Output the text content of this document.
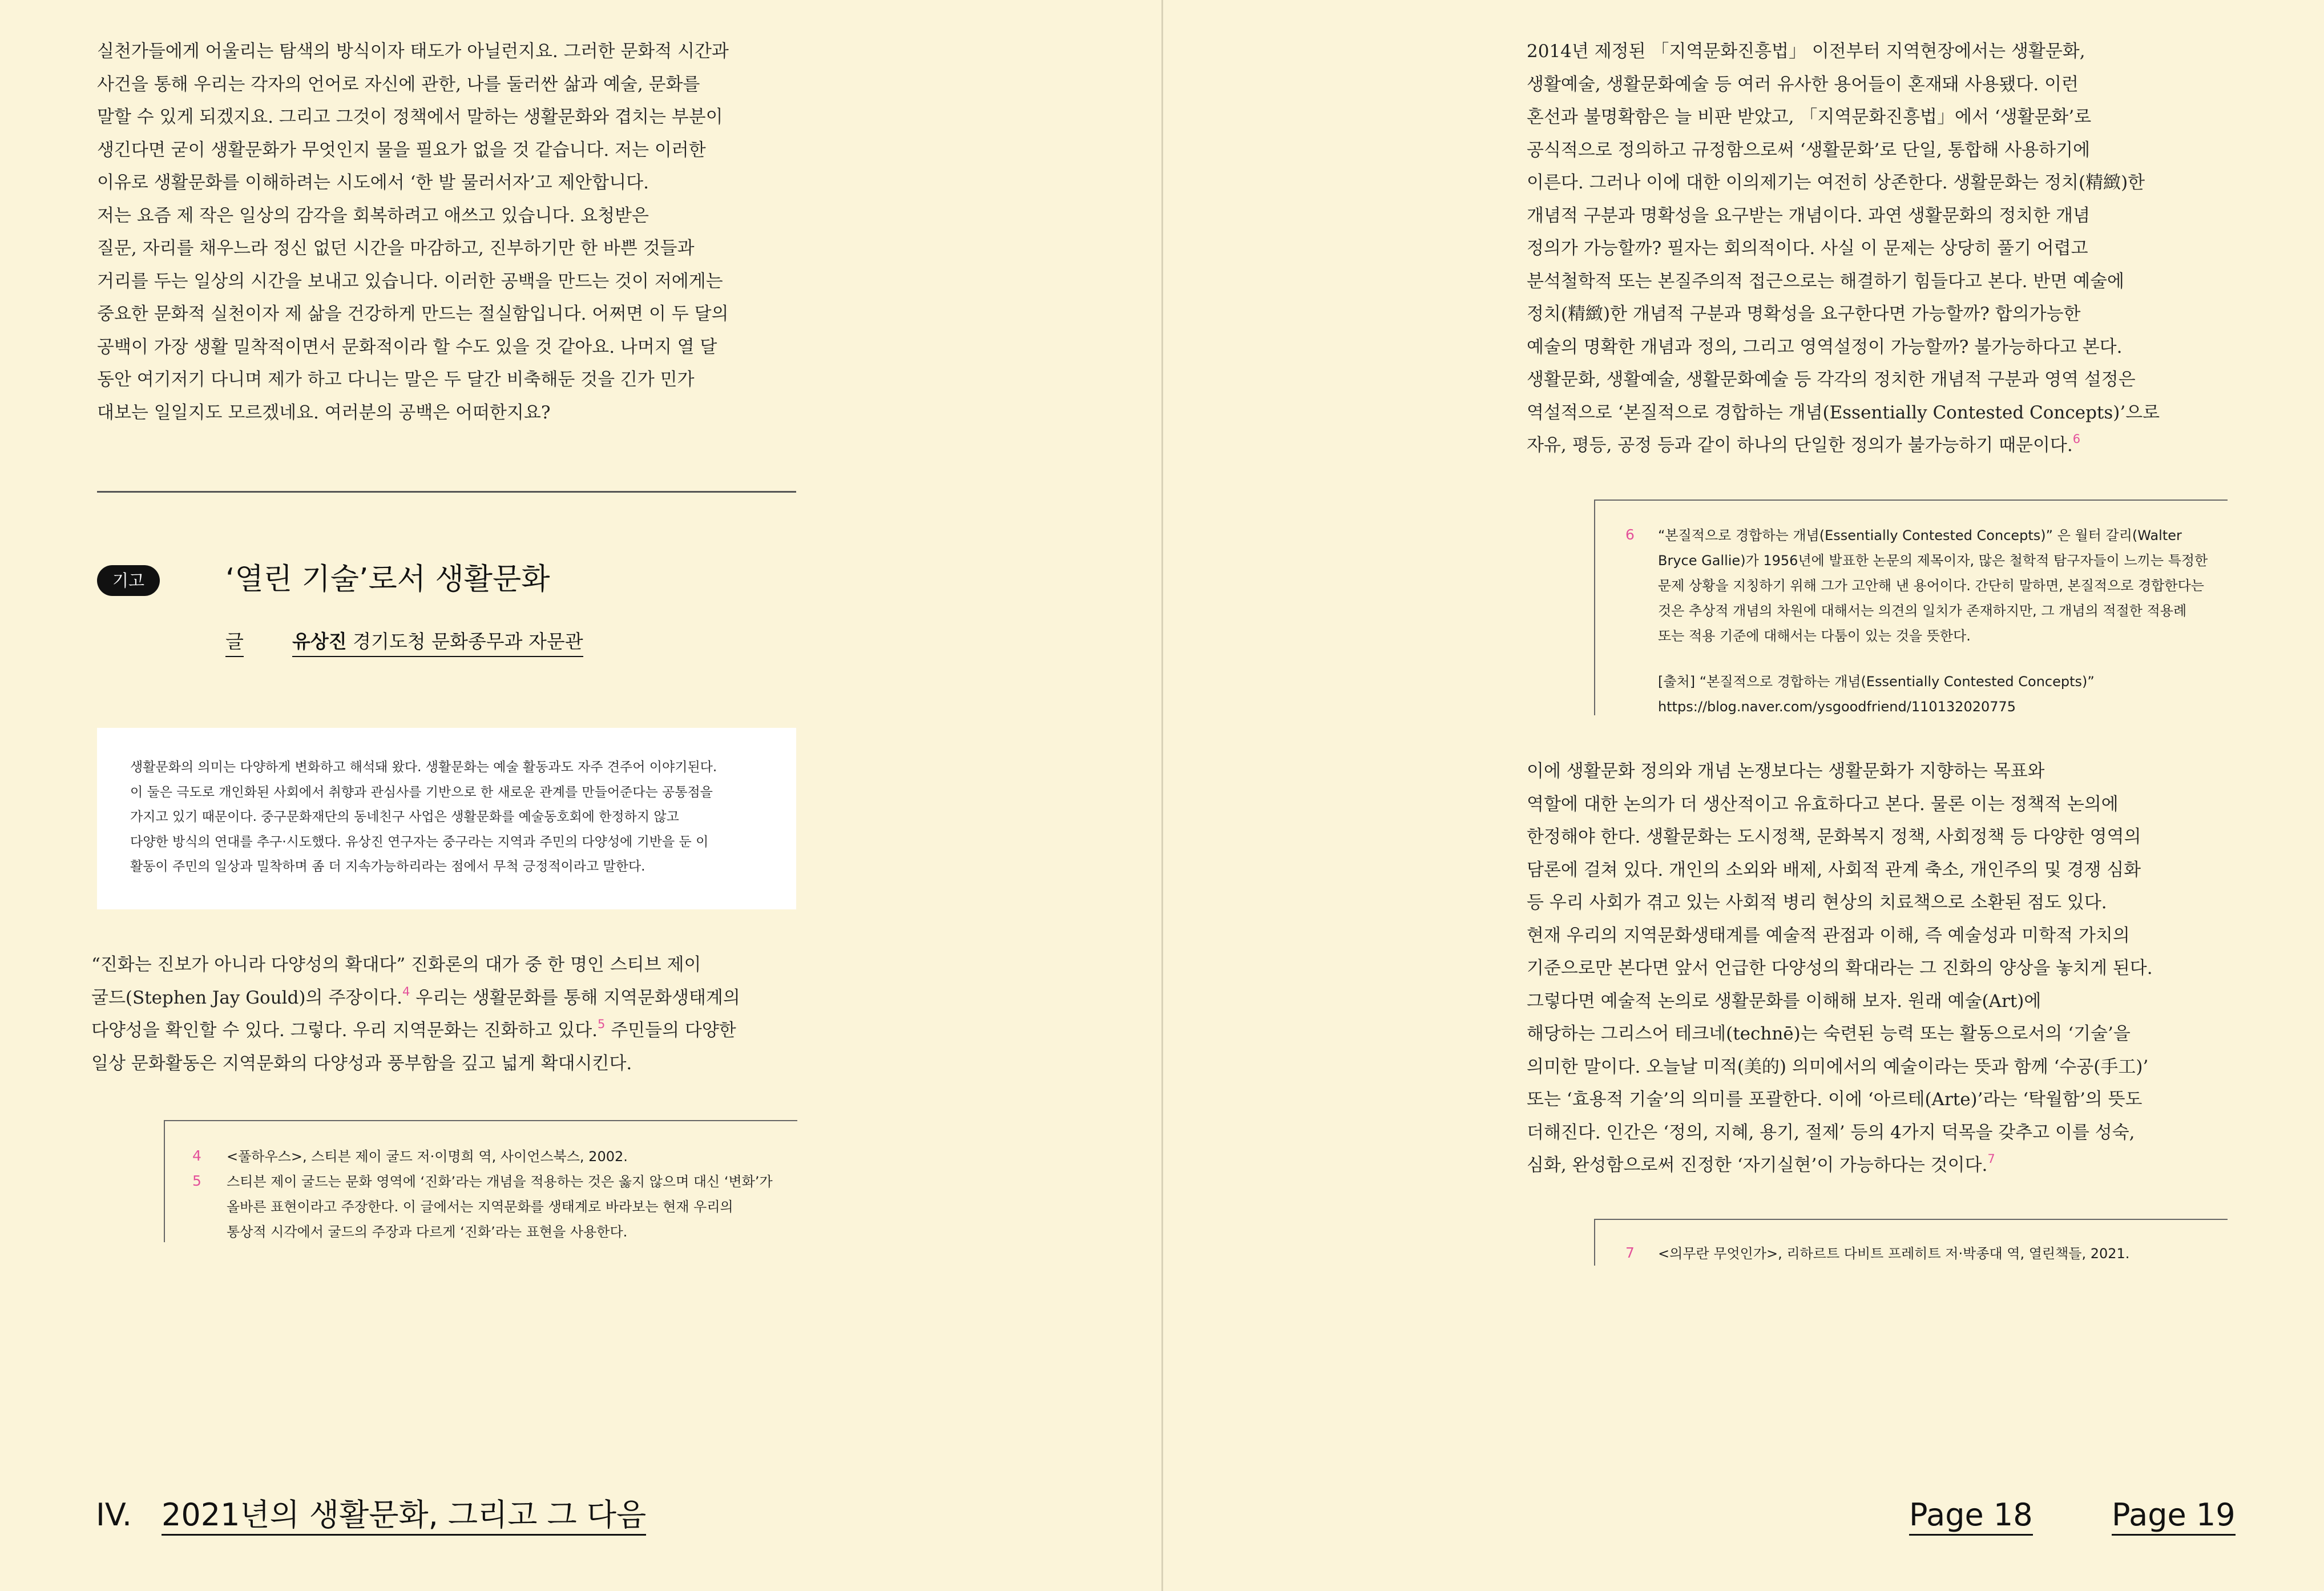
실천가들에게 어울리는 탐색의 방식이자 태도가 아닐런지요. 그러한 문화적 시간과
사건을 통해 우리는 각자의 언어로 자신에 관한, 나를 둘러싼 삶과 예술, 문화를
말할 수 있게 되겠지요. 그리고 그것이 정책에서 말하는 생활문화와 겹치는 부분이
생긴다면 굳이 생활문화가 무엇인지 물을 필요가 없을 것 같습니다. 저는 이러한
이유로 생활문화를 이해하려는 시도에서 ‘한 발 물러서자’고 제안합니다.
저는 요즘 제 작은 일상의 감각을 회복하려고 애쓰고 있습니다. 요청받은
질문, 자리를 채우느라 정신 없던 시간을 마감하고, 진부하기만 한 바쁜 것들과
거리를 두는 일상의 시간을 보내고 있습니다. 이러한 공백을 만드는 것이 저에게는
중요한 문화적 실천이자 제 삶을 건강하게 만드는 절실함입니다. 어쩌면 이 두 달의
공백이 가장 생활 밀착적이면서 문화적이라 할 수도 있을 것 같아요. 나머지 열 달
동안 여기저기 다니며 제가 하고 다니는 말은 두 달간 비축해둔 것을 긴가 민가
대보는 일일지도 모르겠네요. 여러분의 공백은 어떠한지요?
기고	‘열린 기술’로서 생활문화
글	유상진 경기도청 문화종무과 자문관
생활문화의 의미는 다양하게 변화하고 해석돼 왔다. 생활문화는 예술 활동과도 자주 견주어 이야기된다.
이 둘은 극도로 개인화된 사회에서 취향과 관심사를 기반으로 한 새로운 관계를 만들어준다는 공통점을
가지고 있기 때문이다. 중구문화재단의 동네친구 사업은 생활문화를 예술동호회에 한정하지 않고
다양한 방식의 연대를 추구·시도했다. 유상진 연구자는 중구라는 지역과 주민의 다양성에 기반을 둔 이
활동이 주민의 일상과 밀착하며 좀 더 지속가능하리라는 점에서 무척 긍정적이라고 말한다.
“진화는 진보가 아니라 다양성의 확대다” 진화론의 대가 중 한 명인 스티브 제이
굴드(Stephen Jay Gould)의 주장이다.$^4$ 우리는 생활문화를 통해 지역문화생태계의
다양성을 확인할 수 있다. 그렇다. 우리 지역문화는 진화하고 있다.$^5$ 주민들의 다양한
일상 문화활동은 지역문화의 다양성과 풍부함을 깊고 넓게 확대시킨다.
4 <풀하우스>, 스티븐 제이 굴드 저·이명희 역, 사이언스북스, 2002.
5 스티븐 제이 굴드는 문화 영역에 ‘진화’라는 개념을 적용하는 것은 옳지 않으며 대신 ‘변화’가
올바른 표현이라고 주장한다. 이 글에서는 지역문화를 생태계로 바라보는 현재 우리의
통상적 시각에서 굴드의 주장과 다르게 ‘진화’라는 표현을 사용한다.
IV. 2021년의 생활문화, 그리고 그 다음
2014년 제정된 「지역문화진흥법」 이전부터 지역현장에서는 생활문화,
생활예술, 생활문화예술 등 여러 유사한 용어들이 혼재돼 사용됐다. 이런
혼선과 불명확함은 늘 비판 받았고, 「지역문화진흥법」에서 ‘생활문화’로
공식적으로 정의하고 규정함으로써 ‘생활문화’로 단일, 통합해 사용하기에
이른다. 그러나 이에 대한 이의제기는 여전히 상존한다. 생활문화는 정치(精緻)한
개념적 구분과 명확성을 요구받는 개념이다. 과연 생활문화의 정치한 개념
정의가 가능할까? 필자는 회의적이다. 사실 이 문제는 상당히 풀기 어렵고
분석철학적 또는 본질주의적 접근으로는 해결하기 힘들다고 본다. 반면 예술에
정치(精緻)한 개념적 구분과 명확성을 요구한다면 가능할까? 합의가능한
예술의 명확한 개념과 정의, 그리고 영역설정이 가능할까? 불가능하다고 본다.
생활문화, 생활예술, 생활문화예술 등 각각의 정치한 개념적 구분과 영역 설정은
역설적으로 ‘본질적으로 경합하는 개념(Essentially Contested Concepts)’으로
자유, 평등, 공정 등과 같이 하나의 단일한 정의가 불가능하기 때문이다.$^6$
6 “본질적으로 경합하는 개념(Essentially Contested Concepts)” 은 월터 갈리(Walter
Bryce Gallie)가 1956년에 발표한 논문의 제목이자, 많은 철학적 탐구자들이 느끼는 특정한
문제 상황을 지칭하기 위해 그가 고안해 낸 용어이다. 간단히 말하면, 본질적으로 경합한다는
것은 추상적 개념의 차원에 대해서는 의견의 일치가 존재하지만, 그 개념의 적절한 적용례
또는 적용 기준에 대해서는 다툼이 있는 것을 뜻한다.
[출처] “본질적으로 경합하는 개념(Essentially Contested Concepts)”
https://blog.naver.com/ysgoodfriend/110132020775
이에 생활문화 정의와 개념 논쟁보다는 생활문화가 지향하는 목표와
역할에 대한 논의가 더 생산적이고 유효하다고 본다. 물론 이는 정책적 논의에
한정해야 한다. 생활문화는 도시정책, 문화복지 정책, 사회정책 등 다양한 영역의
담론에 걸쳐 있다. 개인의 소외와 배제, 사회적 관계 축소, 개인주의 및 경쟁 심화
등 우리 사회가 겪고 있는 사회적 병리 현상의 치료책으로 소환된 점도 있다.
현재 우리의 지역문화생태계를 예술적 관점과 이해, 즉 예술성과 미학적 가치의
기준으로만 본다면 앞서 언급한 다양성의 확대라는 그 진화의 양상을 놓치게 된다.
그렇다면 예술적 논의로 생활문화를 이해해 보자. 원래 예술(Art)에
해당하는 그리스어 테크네(technē)는 숙련된 능력 또는 활동으로서의 ‘기술’을
의미한 말이다. 오늘날 미적(美的) 의미에서의 예술이라는 뜻과 함께 ‘수공(手工)’
또는 ‘효용적 기술’의 의미를 포괄한다. 이에 ‘아르테(Arte)’라는 ‘탁월함’의 뜻도
더해진다. 인간은 ‘정의, 지혜, 용기, 절제’ 등의 4가지 덕목을 갖추고 이를 성숙,
심화, 완성함으로써 진정한 ‘자기실현’이 가능하다는 것이다.$^7$
7 <의무란 무엇인가>, 리하르트 다비트 프레히트 저·박종대 역, 열린책들, 2021.
Page 18	Page 19
